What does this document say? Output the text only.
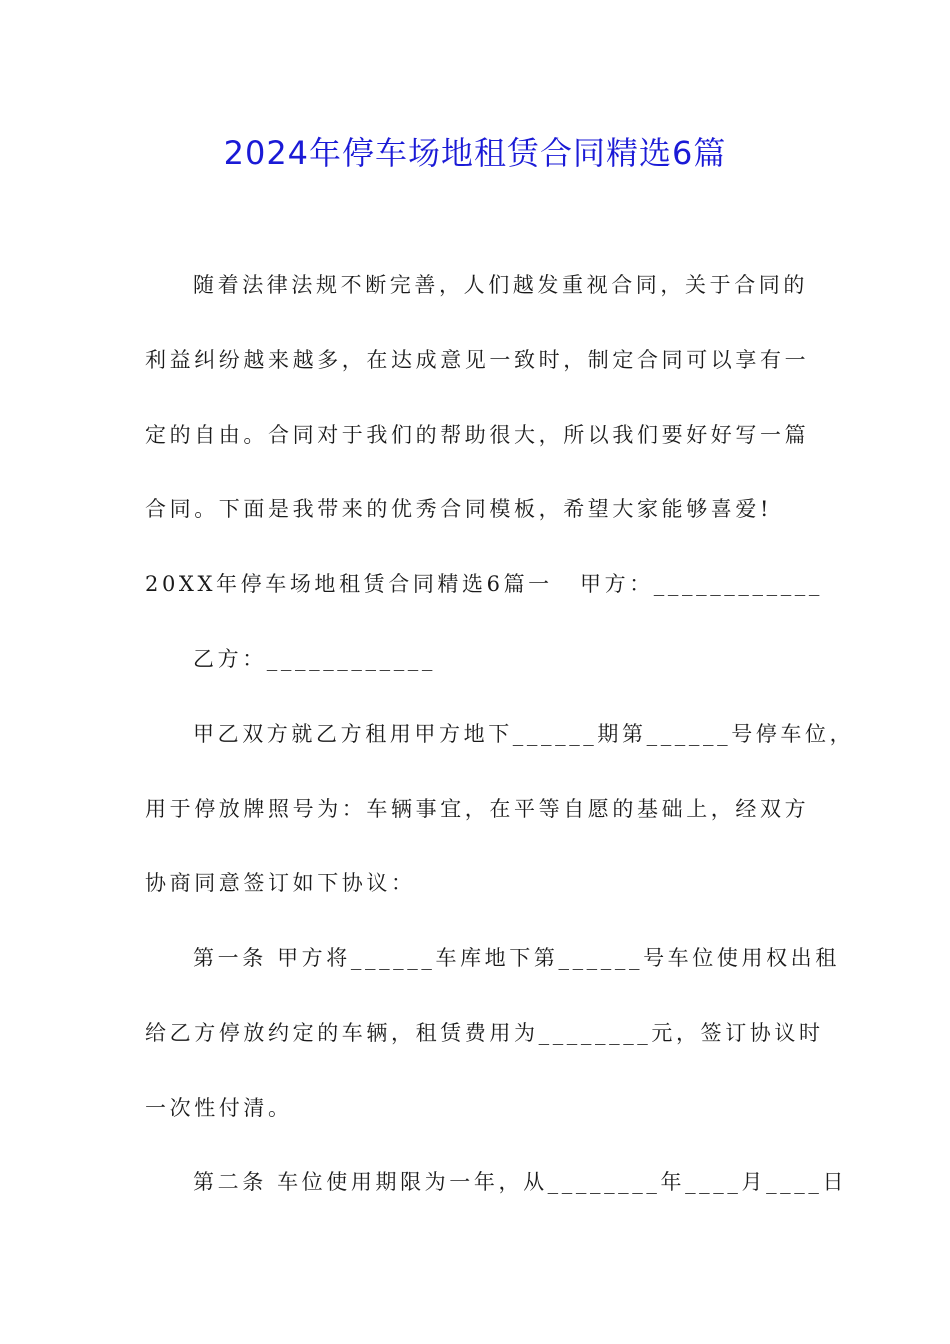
2024年停车场地租赁合同精选6篇
随着法律法规不断完善，人们越发重视合同，关于合同的
利益纠纷越来越多，在达成意见一致时，制定合同可以享有一
定的自由。合同对于我们的帮助很大，所以我们要好好写一篇
合同。下面是我带来的优秀合同模板，希望大家能够喜爱!
20XX年停车场地租赁合同精选6篇一 甲方：____________
乙方：____________
甲乙双方就乙方租用甲方地下______期第______号停车位，
用于停放牌照号为：车辆事宜，在平等自愿的基础上，经双方
协商同意签订如下协议：
第一条 甲方将______车库地下第______号车位使用权出租
给乙方停放约定的车辆，租赁费用为________元，签订协议时
一次性付清。
第二条 车位使用期限为一年，从________年____月____日
